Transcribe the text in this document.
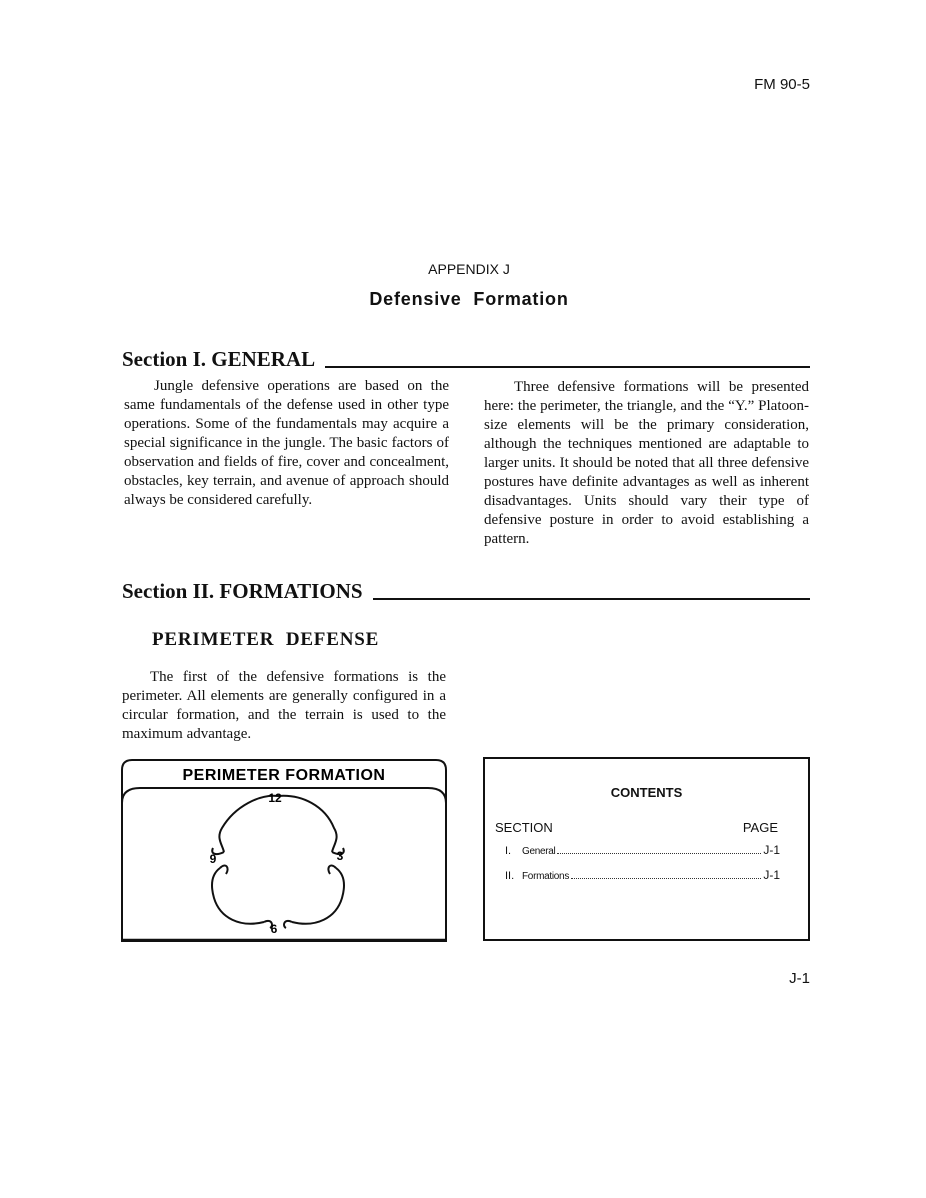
FM 90-5
APPENDIX J
Defensive Formation
Section I. GENERAL

Jungle defensive operations are based on the same fundamentals of the defense used in other type operations. Some of the fundamentals may acquire a special significance in the jungle. The basic factors of observation and fields of fire, cover and concealment, obstacles, key terrain, and avenue of approach should always be considered carefully.

Three defensive formations will be presented here: the perimeter, the triangle, and the “Y.” Platoon-size elements will be the primary consideration, although the techniques mentioned are adaptable to larger units. It should be noted that all three defensive postures have definite advantages as well as inherent disadvantages. Units should vary their type of defensive posture in order to avoid establishing a pattern.

Section II. FORMATIONS
PERIMETER DEFENSE

The first of the defensive formations is the perimeter. All elements are generally configured in a circular formation, and the terrain is used to the maximum advantage.

PERIMETER FORMATION
12
3
6
9
CONTENTS
SECTION	PAGE
I.	General	J-1
II. Formations	J-1
J-1
